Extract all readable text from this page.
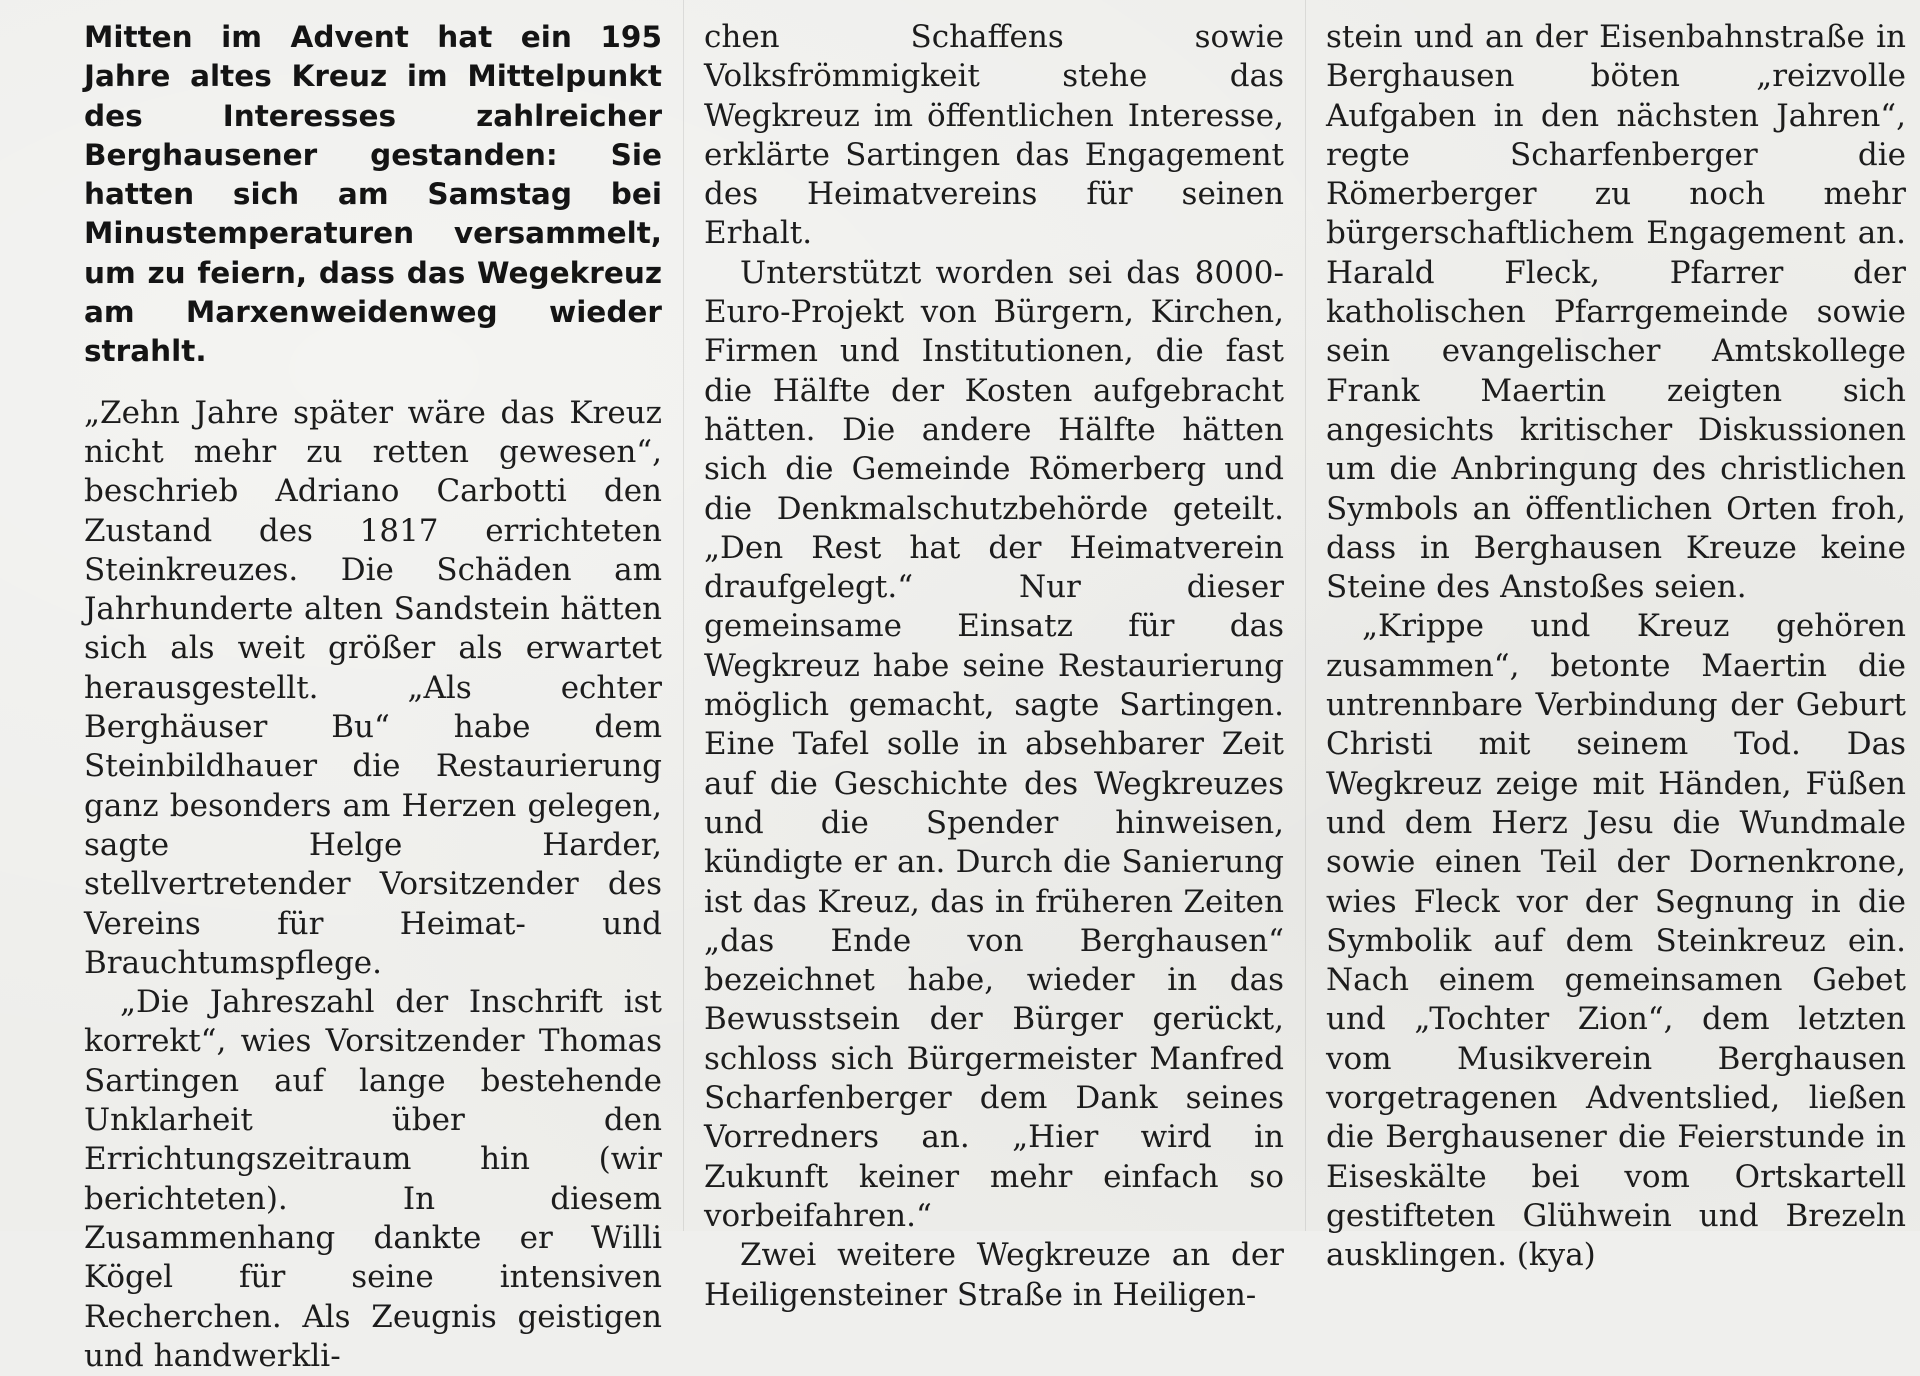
Mitten im Advent hat ein 195 Jahre altes Kreuz im Mittelpunkt des Interesses zahlreicher Berghausener gestanden: Sie hatten sich am Samstag bei Minustemperaturen versammelt, um zu feiern, dass das Wegekreuz am Marxenweidenweg wieder strahlt.

„Zehn Jahre später wäre das Kreuz nicht mehr zu retten gewesen“, beschrieb Adriano Carbotti den Zustand des 1817 errichteten Steinkreuzes. Die Schäden am Jahrhunderte alten Sandstein hätten sich als weit größer als erwartet herausgestellt. „Als echter Berghäuser Bu“ habe dem Steinbildhauer die Restaurierung ganz besonders am Herzen gelegen, sagte Helge Harder, stellvertretender Vorsitzender des Vereins für Heimat- und Brauchtumspflege.

„Die Jahreszahl der Inschrift ist korrekt“, wies Vorsitzender Thomas Sartingen auf lange bestehende Unklarheit über den Errichtungszeitraum hin (wir berichteten). In diesem Zusammenhang dankte er Willi Kögel für seine intensiven Recherchen. Als Zeugnis geistigen und handwerkli-

chen Schaffens sowie Volksfrömmigkeit stehe das Wegkreuz im öffentlichen Interesse, erklärte Sartingen das Engagement des Heimatvereins für seinen Erhalt.

Unterstützt worden sei das 8000-Euro-Projekt von Bürgern, Kirchen, Firmen und Institutionen, die fast die Hälfte der Kosten aufgebracht hätten. Die andere Hälfte hätten sich die Gemeinde Römerberg und die Denkmalschutzbehörde geteilt. „Den Rest hat der Heimatverein draufgelegt.“ Nur dieser gemeinsame Einsatz für das Wegkreuz habe seine Restaurierung möglich gemacht, sagte Sartingen. Eine Tafel solle in absehbarer Zeit auf die Geschichte des Wegkreuzes und die Spender hinweisen, kündigte er an. Durch die Sanierung ist das Kreuz, das in früheren Zeiten „das Ende von Berghausen“ bezeichnet habe, wieder in das Bewusstsein der Bürger gerückt, schloss sich Bürgermeister Manfred Scharfenberger dem Dank seines Vorredners an. „Hier wird in Zukunft keiner mehr einfach so vorbeifahren.“

Zwei weitere Wegkreuze an der Heiligensteiner Straße in Heiligen-

stein und an der Eisenbahnstraße in Berghausen böten „reizvolle Aufgaben in den nächsten Jahren“, regte Scharfenberger die Römerberger zu noch mehr bürgerschaftlichem Engagement an. Harald Fleck, Pfarrer der katholischen Pfarrgemeinde sowie sein evangelischer Amtskollege Frank Maertin zeigten sich angesichts kritischer Diskussionen um die Anbringung des christlichen Symbols an öffentlichen Orten froh, dass in Berghausen Kreuze keine Steine des Anstoßes seien.

„Krippe und Kreuz gehören zusammen“, betonte Maertin die untrennbare Verbindung der Geburt Christi mit seinem Tod. Das Wegkreuz zeige mit Händen, Füßen und dem Herz Jesu die Wundmale sowie einen Teil der Dornenkrone, wies Fleck vor der Segnung in die Symbolik auf dem Steinkreuz ein. Nach einem gemeinsamen Gebet und „Tochter Zion“, dem letzten vom Musikverein Berghausen vorgetragenen Adventslied, ließen die Berghausener die Feierstunde in Eiseskälte bei vom Ortskartell gestifteten Glühwein und Brezeln ausklingen. (kya)
